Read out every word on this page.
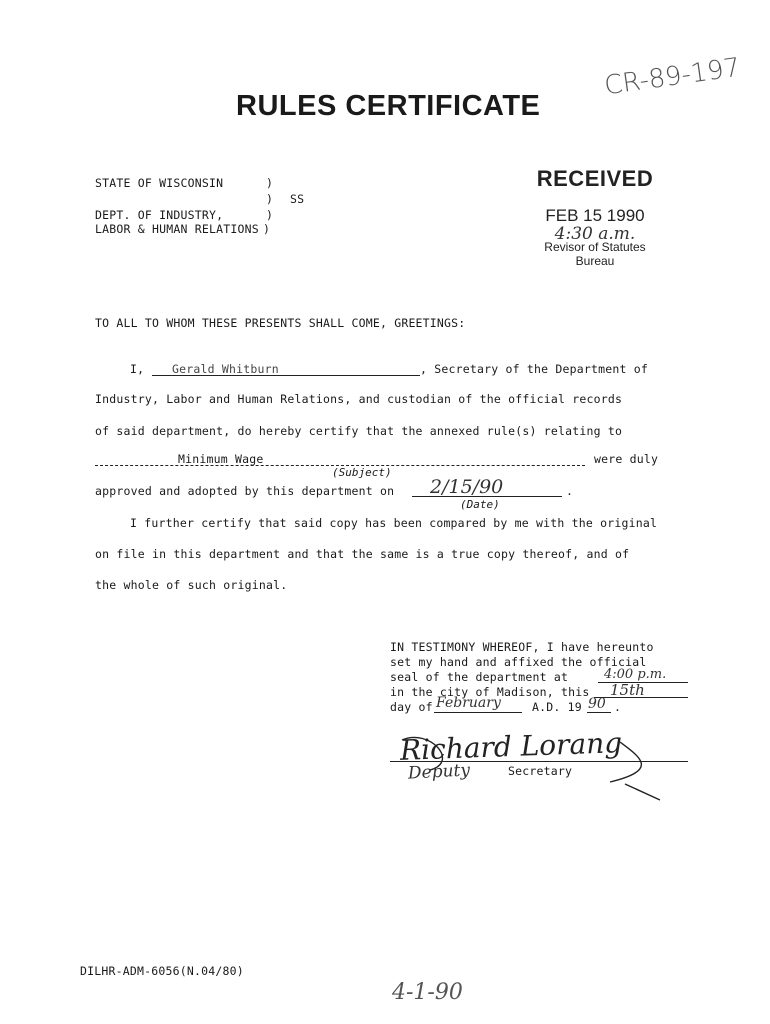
CR-89-197
RULES CERTIFICATE
STATE OF WISCONSIN	)
) SS
DEPT. OF INDUSTRY,	)
LABOR & HUMAN RELATIONS )
RECEIVED
FEB 15 1990
4:30 a.m.
Revisor of Statutes
Bureau
TO ALL TO WHOM THESE PRESENTS SHALL COME, GREETINGS:
I, Gerald Whitburn	, Secretary of the Department of
Industry, Labor and Human Relations, and custodian of the official records
of said department, do hereby certify that the annexed rule(s) relating to
Minimum Wage	were duly
(Subject)
approved and adopted by this department on 2/15/90	.
(Date)
I further certify that said copy has been compared by me with the original
on file in this department and that the same is a true copy thereof, and of
the whole of such original.
IN TESTIMONY WHEREOF, I have hereunto
set my hand and affixed the official
seal of the department at	4:00 p.m.
in the city of Madison, this 15th
day of February	A.D. 19 90 .
Richard Lorang
Deputy	Secretary
DILHR-ADM-6056(N.04/80)
4-1-90
